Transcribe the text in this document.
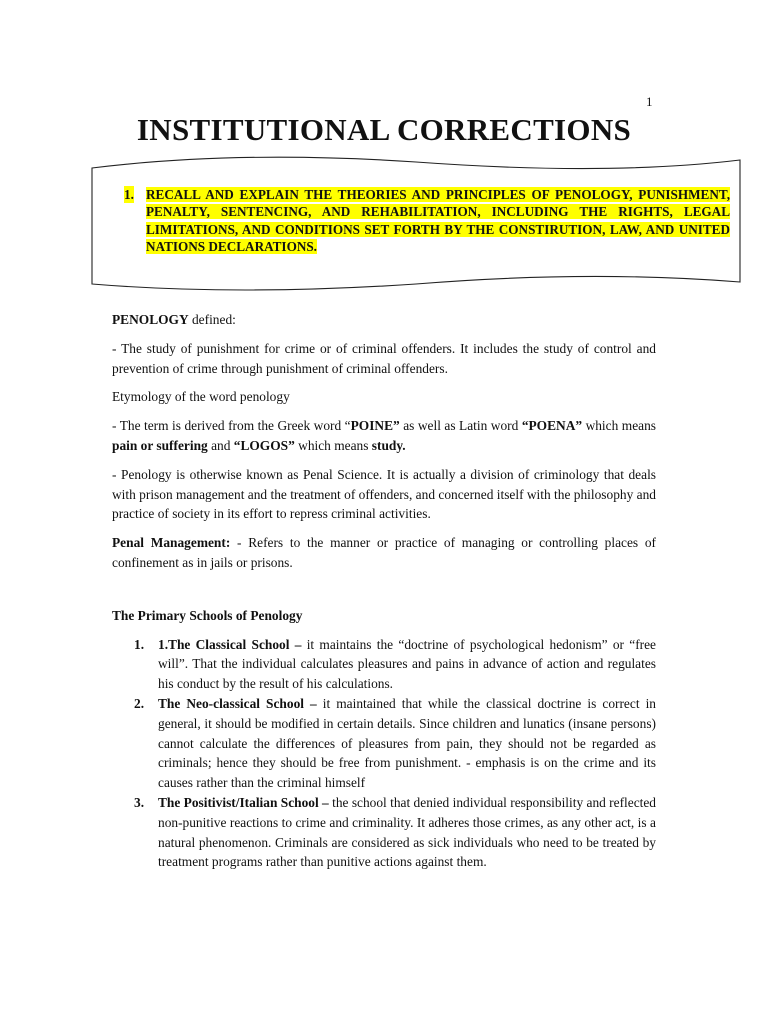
1
INSTITUTIONAL CORRECTIONS
1. RECALL AND EXPLAIN THE THEORIES AND PRINCIPLES OF PENOLOGY, PUNISHMENT, PENALTY, SENTENCING, AND REHABILITATION, INCLUDING THE RIGHTS, LEGAL LIMITATIONS, AND CONDITIONS SET FORTH BY THE CONSTIRUTION, LAW, AND UNITED NATIONS DECLARATIONS.

PENOLOGY defined:

- The study of punishment for crime or of criminal offenders. It includes the study of control and prevention of crime through punishment of criminal offenders.

Etymology of the word penology

- The term is derived from the Greek word “POINE” as well as Latin word “POENA” which means pain or suffering and “LOGOS” which means study.

- Penology is otherwise known as Penal Science. It is actually a division of criminology that deals with prison management and the treatment of offenders, and concerned itself with the philosophy and practice of society in its effort to repress criminal activities.

Penal Management: - Refers to the manner or practice of managing or controlling places of confinement as in jails or prisons.

The Primary Schools of Penology

1. 1.The Classical School – it maintains the “doctrine of psychological hedonism” or “free will”. That the individual calculates pleasures and pains in advance of action and regulates his conduct by the result of his calculations.
2. The Neo-classical School – it maintained that while the classical doctrine is correct in general, it should be modified in certain details. Since children and lunatics (insane persons) cannot calculate the differences of pleasures from pain, they should not be regarded as criminals; hence they should be free from punishment. - emphasis is on the crime and its causes rather than the criminal himself
3. The Positivist/Italian School – the school that denied individual responsibility and reflected non-punitive reactions to crime and criminality. It adheres those crimes, as any other act, is a natural phenomenon. Criminals are considered as sick individuals who need to be treated by treatment programs rather than punitive actions against them.
